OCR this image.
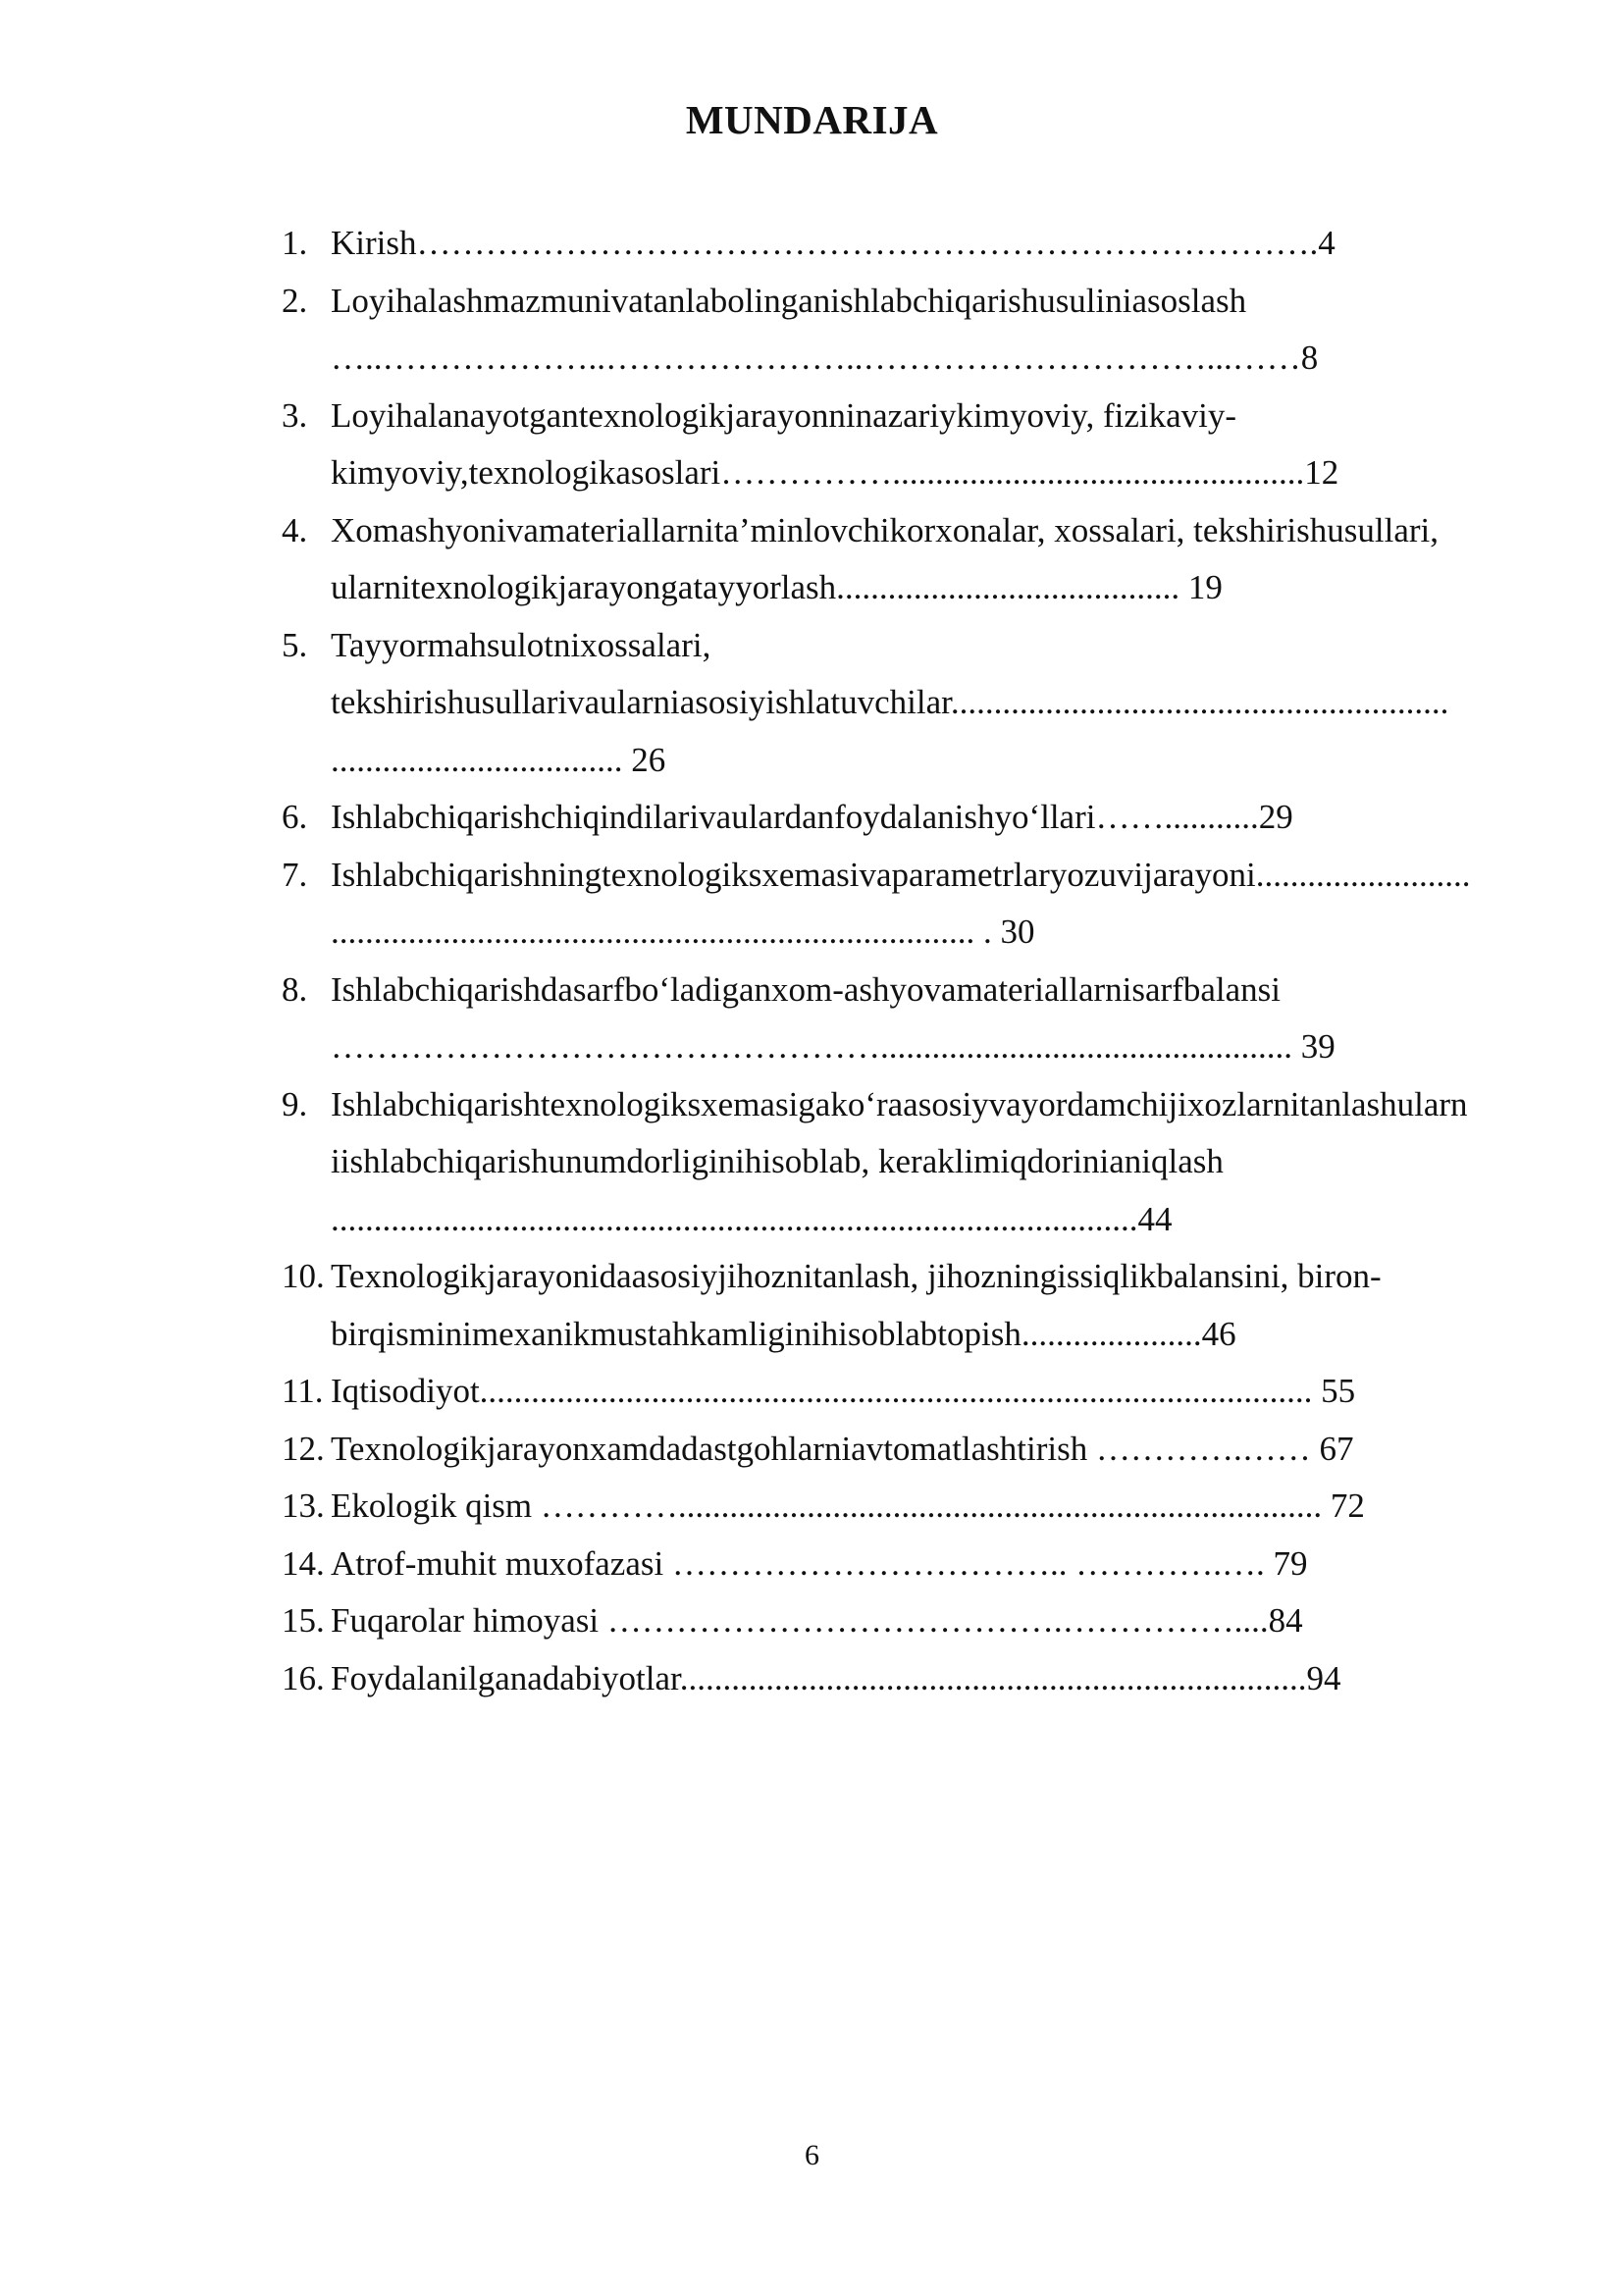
MUNDARIJA
1. Kirish…………………………………………………………………….4
2. Loyihalashmazmunivatanlabolinganishlabchiqarishusuliniasoslash
…..………………..…………………..…………………………...……8
3. Loyihalanayotgantexnologikjarayonninazariykimyoviy, fizikaviy-
kimyoviy,texnologikasoslari……………................................................12
4. Xomashyonivamateriallarnita’minlovchikorxonalar, xossalari, tekshirishusullari,
ularnitexnologikjarayongatayyorlash........................................ 19
5. Tayyormahsulotnixossalari,
tekshirishusullarivaularniasosiyishlatuvchilar..........................................................
.................................. 26
6. Ishlabchiqarishchiqindilarivaulardanfoydalanishyo‘llari……...........29
7. Ishlabchiqarishningtexnologiksxemasivaparametrlaryozuvijarayoni.........................
........................................................................... . 30
8. Ishlabchiqarishdasarfbo‘ladiganxom-ashyovamateriallarnisarfbalansi
…………………………………………................................................ 39
9. Ishlabchiqarishtexnologiksxemasigako‘raasosiyvayordamchijixozlarnitanlashularn
iishlabchiqarishunumdorliginihisoblab, keraklimiqdorinianiqlash
..............................................................................................44
10. Texnologikjarayonidaasosiyjihoznitanlash, jihozningissiqlikbalansini, biron-
birqisminimexanikmustahkamliginihisoblabtopish.....................46
11. Iqtisodiyot................................................................................................. 55
12. Texnologikjarayonxamdadastgohlarniavtomatlashtirish ………….…… 67
13. Ekologik qism …………........................................................................... 72
14. Atrof-muhit muxofazasi …………………………….. ………….…. 79
15. Fuqarolar himoyasi ………………………………….……………....84
16. Foydalanilganadabiyotlar.........................................................................94
6
